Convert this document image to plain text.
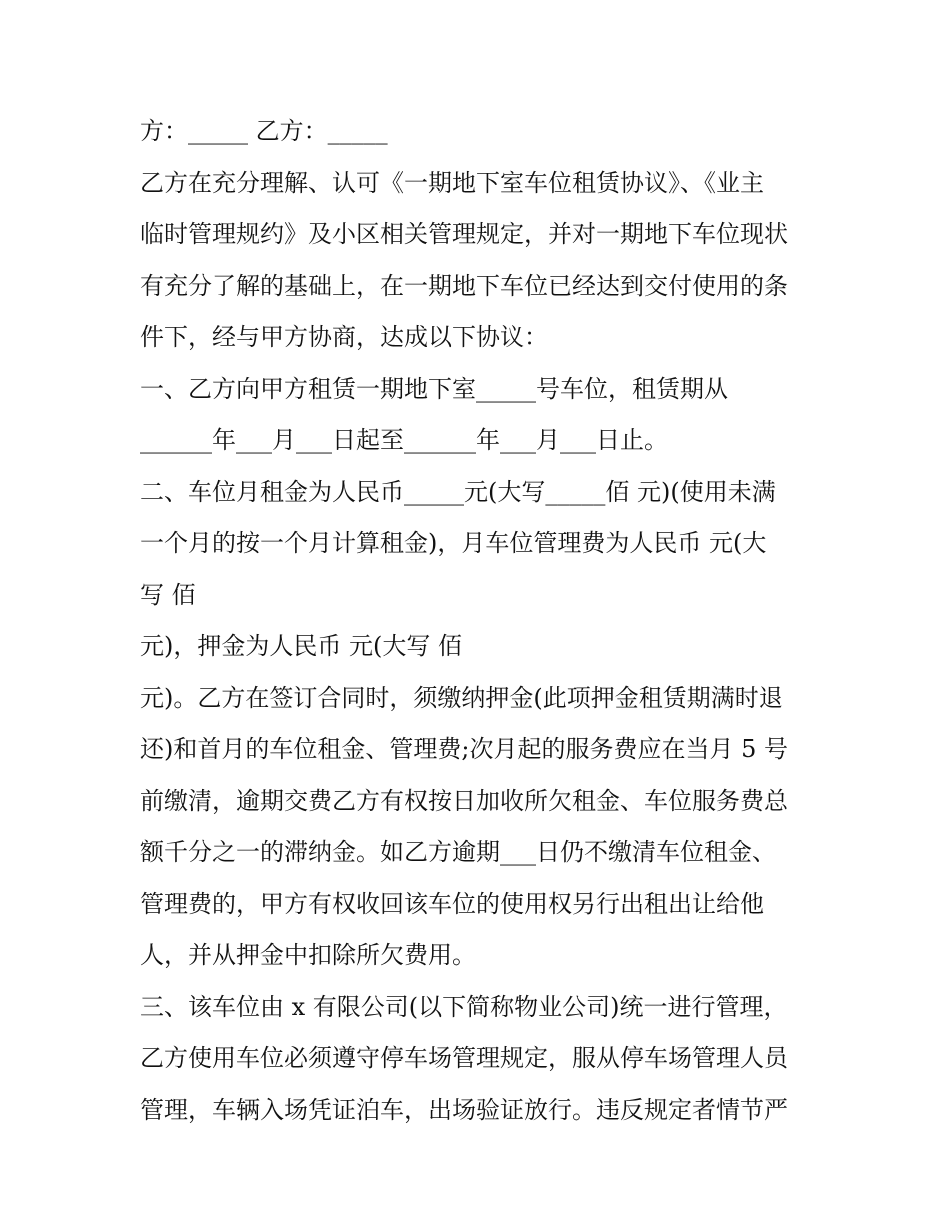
方：_____ 乙方：_____
乙方在充分理解、认可《一期地下室车位租赁协议》、《业主
临时管理规约》及小区相关管理规定，并对一期地下车位现状
有充分了解的基础上，在一期地下车位已经达到交付使用的条
件下，经与甲方协商，达成以下协议：
一、乙方向甲方租赁一期地下室_____号车位，租赁期从
______年___月___日起至______年___月___日止。
二、车位月租金为人民币_____元(大写_____佰 元)(使用未满
一个月的按一个月计算租金)，月车位管理费为人民币 元(大
写 佰
元)，押金为人民币 元(大写 佰
元)。乙方在签订合同时，须缴纳押金(此项押金租赁期满时退
还)和首月的车位租金、管理费;次月起的服务费应在当月 5 号
前缴清，逾期交费乙方有权按日加收所欠租金、车位服务费总
额千分之一的滞纳金。如乙方逾期___日仍不缴清车位租金、
管理费的，甲方有权收回该车位的使用权另行出租出让给他
人，并从押金中扣除所欠费用。
三、该车位由 x 有限公司(以下简称物业公司)统一进行管理，
乙方使用车位必须遵守停车场管理规定，服从停车场管理人员
管理，车辆入场凭证泊车，出场验证放行。违反规定者情节严
